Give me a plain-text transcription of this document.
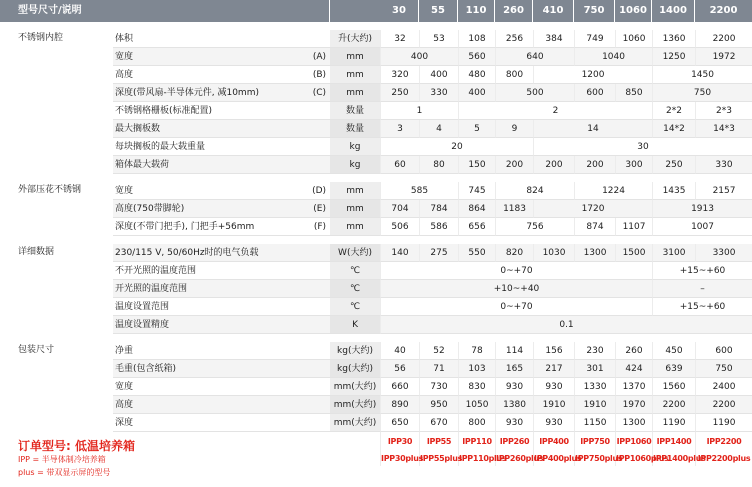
型号尺寸/说明				30	55	110	260	410	750	1060	1400	2200

不锈钢内腔	体积		升(大约)	32	53	108	256	384	749	1060	1360	2200
	宽度	(A)	mm	400		560	640		1040		1250	1972
	高度	(B)	mm	320	400	480	800	1200			1450	
	深度(带风扇-半导体元件, 减10mm)	(C)	mm	250	330	400	500		600	850	750	
	不锈钢格栅板(标准配置)		数量	1		2					2*2	2*3
	最大搁板数		数量	3	4	5	9	14			14*2	14*3
	每块搁板的最大载重量		kg	20				30				
	箱体最大载荷		kg	60	80	150	200	200	200	300	250	330

外部压花不锈钢	宽度	(D)	mm	585		745	824		1224		1435	2157
	高度(750带脚轮)	(E)	mm	704	784	864	1183	1720			1913	
	深度(不带门把手), 门把手+56mm	(F)	mm	506	586	656	756		874	1107	1007	

详细数据	230/115 V, 50/60Hz时的电气负载		W(大约)	140	275	550	820	1030	1300	1500	3100	3300
	不开光照的温度范围		℃	0~+70							+15~+60	
	开光照的温度范围		℃	+10~+40							–	
	温度设置范围		℃	0~+70							+15~+60	
	温度设置精度		K	0.1								

包装尺寸	净重		kg(大约)	40	52	78	114	156	230	260	450	600
	毛重(包含纸箱)		kg(大约)	56	71	103	165	217	301	424	639	750
	宽度		mm(大约)	660	730	830	930	930	1330	1370	1560	2400
	高度		mm(大约)	890	950	1050	1380	1910	1910	1970	2200	2200
	深度		mm(大约)	650	670	800	930	930	1150	1300	1190	1190
订单型号: 低温培养箱				IPP30	IPP55	IPP110	IPP260	IPP400	IPP750	IPP1060	IPP1400	IPP2200
IPP = 半导体制冷培养箱				IPP30plus	IPP55plus	IPP110plus	IPP260plus	IPP400plus	IPP750plus	IPP1060plus	IPP1400plus	IPP2200plus
plus = 带双显示屏的型号												
